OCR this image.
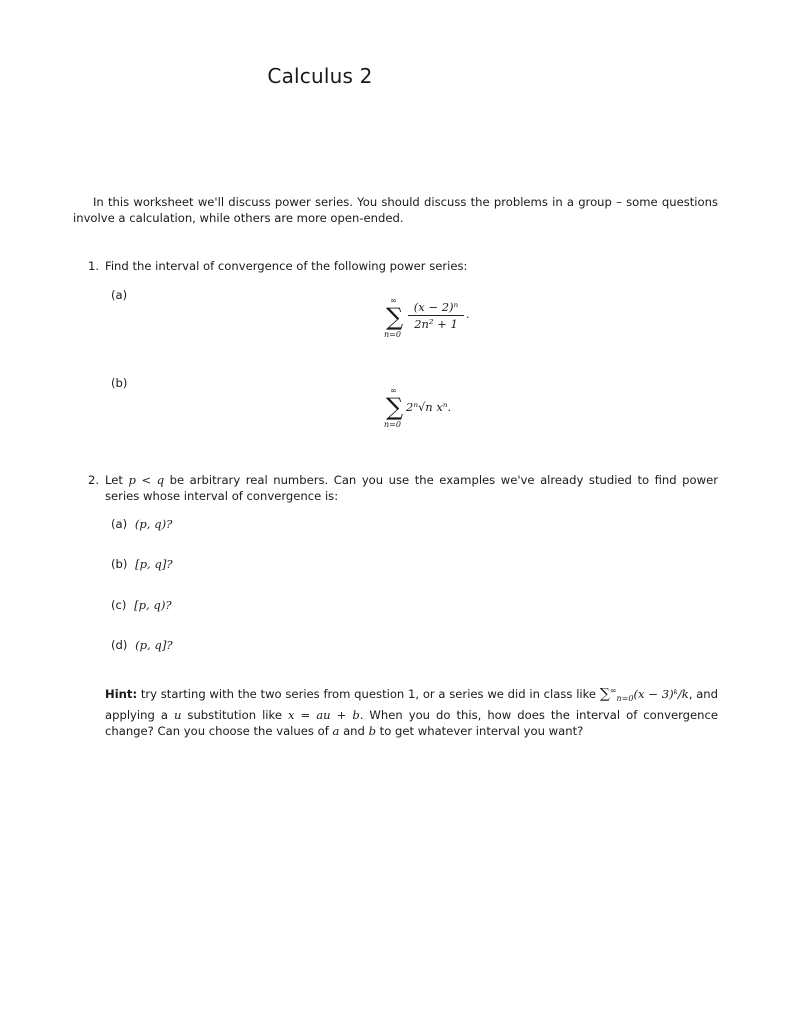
Calculus 2
In this worksheet we'll discuss power series. You should discuss the problems in a group – some questions involve a calculation, while others are more open-ended.
1. Find the interval of convergence of the following power series:
(a)	∞
∑
n=0
(x − 2)ⁿ
2n² + 1
.
(b)
∞
∑
n=0
2ⁿ√n xⁿ.
2. Let p < q be arbitrary real numbers. Can you use the examples we've already studied to find power series whose interval of convergence is:
(a) (p, q)?
(b) [p, q]?
(c) [p, q)?
(d) (p, q]?
Hint: try starting with the two series from question 1, or a series we did in class like $\sum^\infty_{n=0}(x$ − 3)ᵏ/k, and applying a u substitution like x = au + b. When you do this, how does the interval of convergence change? Can you choose the values of a and b to get whatever interval you want?
